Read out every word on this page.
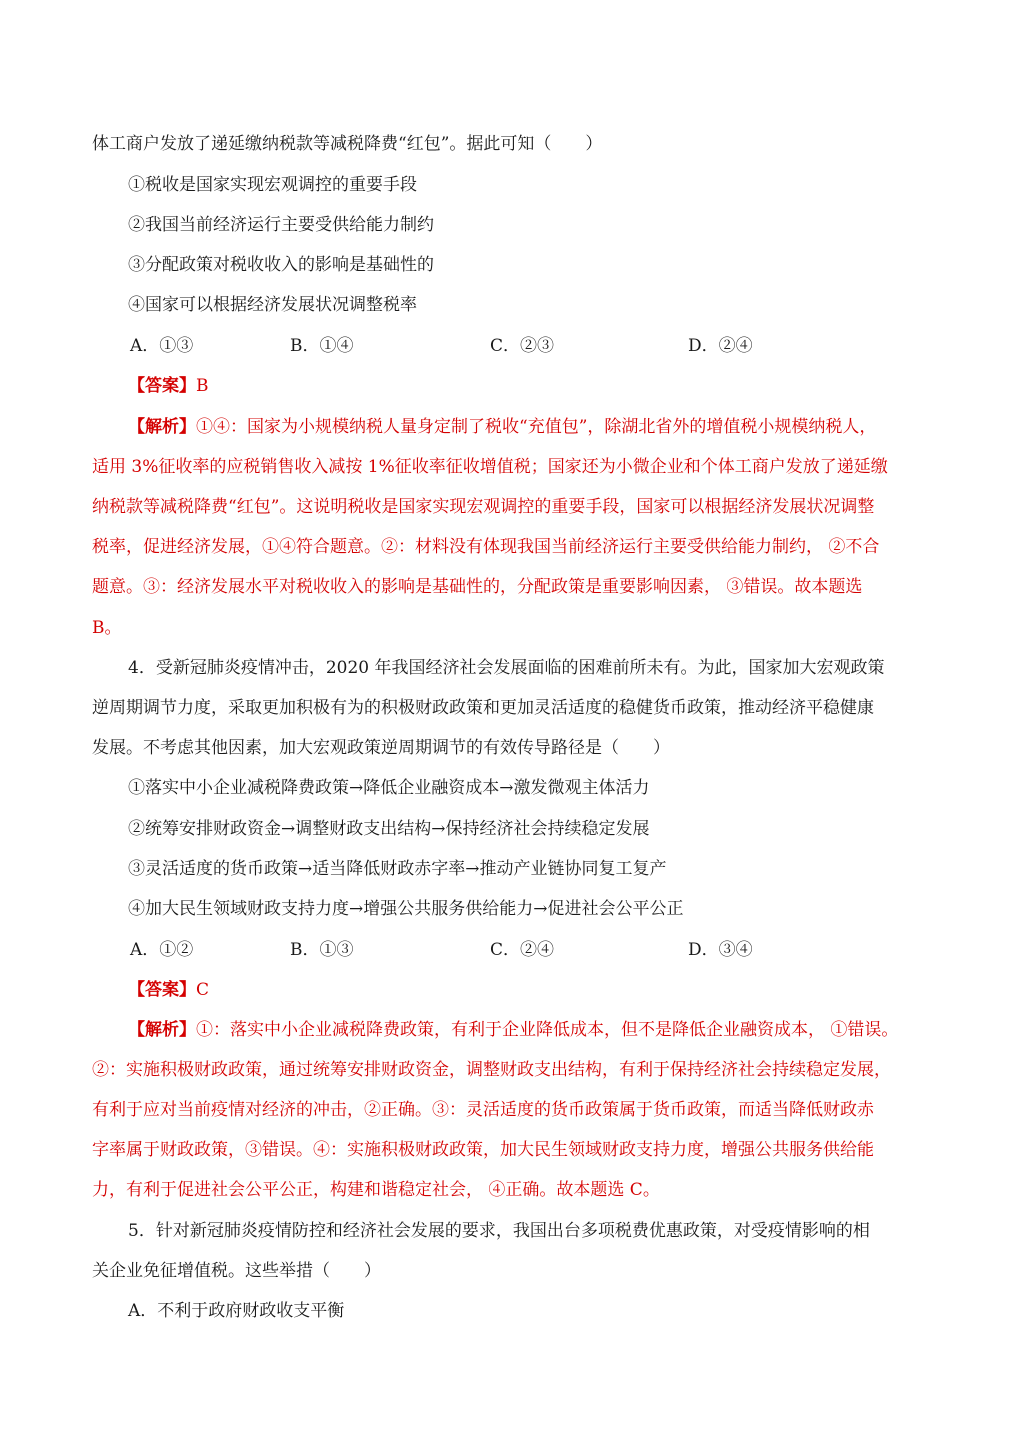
体工商户发放了递延缴纳税款等减税降费“红包”。据此可知（　　）
①税收是国家实现宏观调控的重要手段
②我国当前经济运行主要受供给能力制约
③分配政策对税收收入的影响是基础性的
④国家可以根据经济发展状况调整税率
A．①③	B．①④	C．②③	D．②④
【答案】B
【解析】①④：国家为小规模纳税人量身定制了税收“充值包”，除湖北省外的增值税小规模纳税人，
适用 3%征收率的应税销售收入减按 1%征收率征收增值税；国家还为小微企业和个体工商户发放了递延缴
纳税款等减税降费“红包”。这说明税收是国家实现宏观调控的重要手段，国家可以根据经济发展状况调整
税率，促进经济发展，①④符合题意。②：材料没有体现我国当前经济运行主要受供给能力制约， ②不合
题意。③：经济发展水平对税收收入的影响是基础性的，分配政策是重要影响因素， ③错误。故本题选
B。
4．受新冠肺炎疫情冲击，2020 年我国经济社会发展面临的困难前所未有。为此，国家加大宏观政策
逆周期调节力度，采取更加积极有为的积极财政政策和更加灵活适度的稳健货币政策，推动经济平稳健康
发展。不考虑其他因素，加大宏观政策逆周期调节的有效传导路径是（　　）
①落实中小企业减税降费政策→降低企业融资成本→激发微观主体活力
②统筹安排财政资金→调整财政支出结构→保持经济社会持续稳定发展
③灵活适度的货币政策→适当降低财政赤字率→推动产业链协同复工复产
④加大民生领域财政支持力度→增强公共服务供给能力→促进社会公平公正
A．①②	B．①③	C．②④	D．③④
【答案】C
【解析】①：落实中小企业减税降费政策，有利于企业降低成本，但不是降低企业融资成本， ①错误。
②：实施积极财政政策，通过统筹安排财政资金，调整财政支出结构，有利于保持经济社会持续稳定发展，
有利于应对当前疫情对经济的冲击，②正确。③：灵活适度的货币政策属于货币政策，而适当降低财政赤
字率属于财政政策，③错误。④：实施积极财政政策，加大民生领域财政支持力度，增强公共服务供给能
力，有利于促进社会公平公正，构建和谐稳定社会， ④正确。故本题选 C。
5．针对新冠肺炎疫情防控和经济社会发展的要求，我国出台多项税费优惠政策，对受疫情影响的相
关企业免征增值税。这些举措（　　）
A．不利于政府财政收支平衡
